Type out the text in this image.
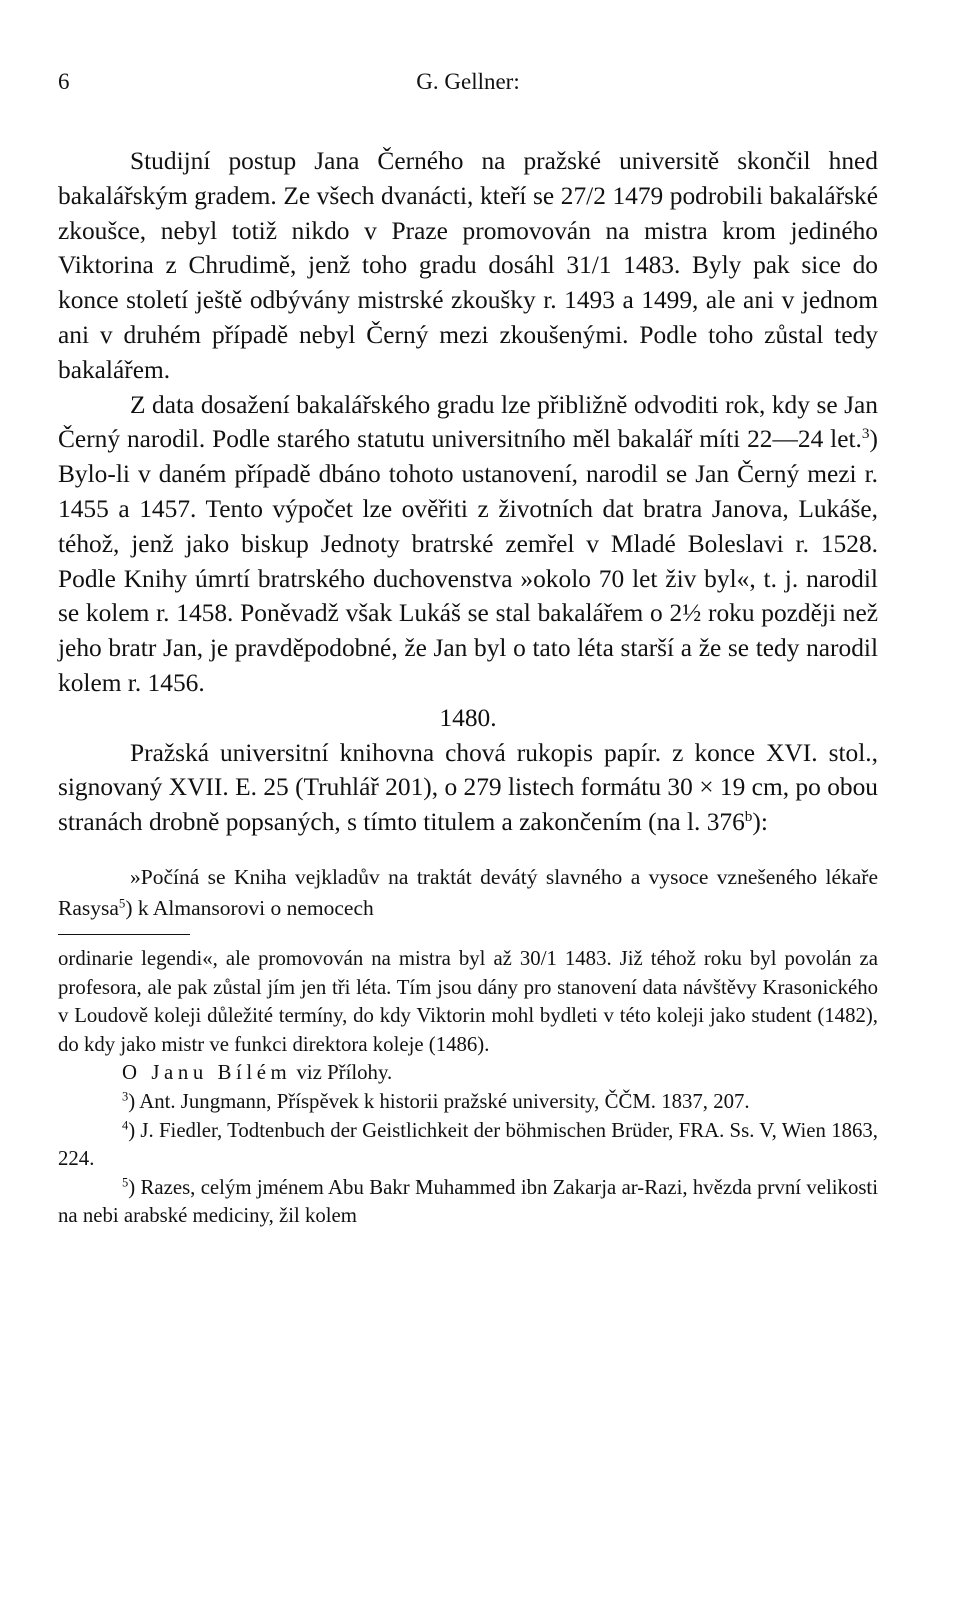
6	G. Gellner:

Studijní postup Jana Černého na pražské universitě skončil hned bakalářským gradem. Ze všech dvanácti, kteří se 27/2 1479 podrobili bakalářské zkoušce, nebyl totiž nikdo v Praze promovován na mistra krom jediného Viktorina z Chrudimě, jenž toho gradu dosáhl 31/1 1483. Byly pak sice do konce století ještě odbývány mistrské zkoušky r. 1493 a 1499, ale ani v jednom ani v druhém případě nebyl Černý mezi zkoušenými. Podle toho zůstal tedy bakalářem.

Z data dosažení bakalářského gradu lze přibližně odvoditi rok, kdy se Jan Černý narodil. Podle starého statutu universitního měl bakalář míti 22—24 let.$^3$) Bylo-li v daném případě dbáno tohoto ustanovení, narodil se Jan Černý mezi r. 1455 a 1457. Tento výpočet lze ověřiti z životních dat bratra Janova, Lukáše, téhož, jenž jako biskup Jednoty bratrské zemřel v Mladé Boleslavi r. 1528. Podle Knihy úmrtí bratrského duchovenstva »okolo 70 let živ byl«, t. j. narodil se kolem r. 1458. Poněvadž však Lukáš se stal bakalářem o 2½ roku později než jeho bratr Jan, je pravděpodobné, že Jan byl o tato léta starší a že se tedy narodil kolem r. 1456.

1480.

Pražská universitní knihovna chová rukopis papír. z konce XVI. stol., signovaný XVII. E. 25 (Truhlář 201), o 279 listech formátu 30 × 19 cm, po obou stranách drobně popsaných, s tímto titulem a zakončením (na l. 376$^b$):

»Počíná se Kniha vejkladův na traktát devátý slavného a vysoce vznešeného lékaře Rasysa$^5$) k Almansorovi o nemocech

ordinarie legendi«, ale promovován na mistra byl až 30/1 1483. Již téhož roku byl povolán za profesora, ale pak zůstal jím jen tři léta. Tím jsou dány pro stanovení data návštěvy Krasonického v Loudově koleji důležité termíny, do kdy Viktorin mohl bydleti v této koleji jako student (1482), do kdy jako mistr ve funkci direktora koleje (1486).

O Janu Bílém viz Přílohy.

$^3$) Ant. Jungmann, Příspěvek k historii pražské university, ČČM. 1837, 207.

$^4$) J. Fiedler, Todtenbuch der Geistlichkeit der böhmischen Brüder, FRA. Ss. V, Wien 1863, 224.

$^5$) Razes, celým jménem Abu Bakr Muhammed ibn Zakarja ar-Razi, hvězda první velikosti na nebi arabské mediciny, žil kolem
